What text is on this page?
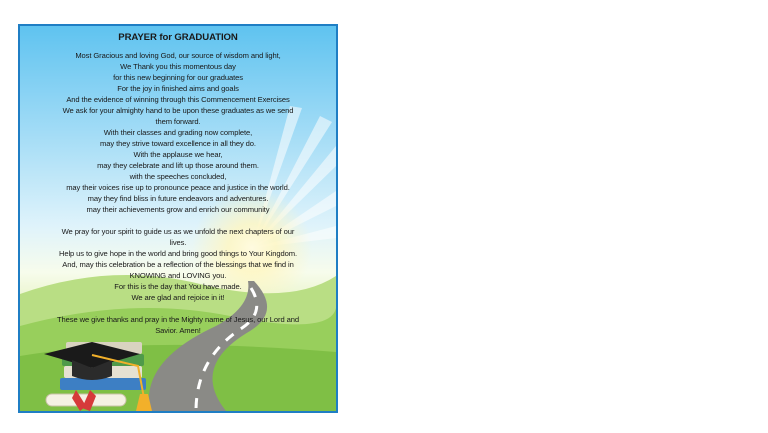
PRAYER for GRADUATION
Most Gracious and loving God, our source of wisdom and light,
We Thank you this momentous day
for this new beginning for our graduates
For the joy in finished aims and goals
And the evidence of winning through this Commencement Exercises
We ask for your almighty hand to be upon these graduates as we send
them forward.
With their classes and grading now complete,
may they strive toward excellence in all they do.
With the applause we hear,
may they celebrate and lift up those around them.
with the speeches concluded,
may their voices rise up to pronounce peace and justice in the world.
may they find bliss in future endeavors and adventures.
may their achievements grow and enrich our community
We pray for your spirit to guide us as we unfold the next chapters of our
lives.
Help us to give hope in the world and bring good things to Your Kingdom.
And, may this celebration be a reflection of the blessings that we find in
KNOWING and LOVING you.
For this is the day that You have made.
We are glad and rejoice in it!
These we give thanks and pray in the Mighty name of Jesus, our Lord and
Savior. Amen!
